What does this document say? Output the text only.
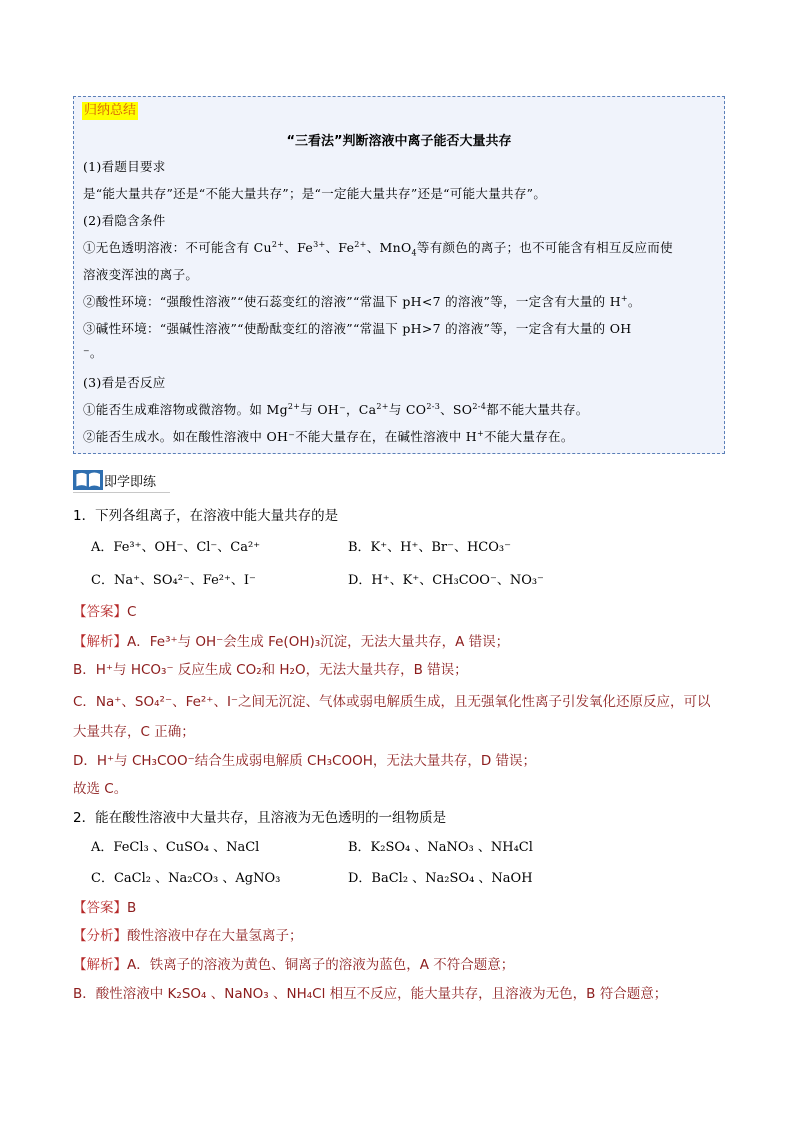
归纳总结
“三看法”判断溶液中离子能否大量共存
(1)看题目要求
是“能大量共存”还是“不能大量共存”；是“一定能大量共存”还是“可能大量共存”。
(2)看隐含条件
①无色透明溶液：不可能含有 $Cu^{2+}$、$Fe^{3+}$、$Fe^{2+}$、MnO$_4$等有颜色的离子；也不可能含有相互反应而使
溶液变浑浊的离子。
②酸性环境：“强酸性溶液”“使石蕊变红的溶液”“常温下 pH<7 的溶液”等，一定含有大量的 H+。
③碱性环境：“强碱性溶液”“使酚酞变红的溶液”“常温下 pH>7 的溶液”等，一定含有大量的 OH
⁻。
(3)看是否反应
①能否生成难溶物或微溶物。如 $Mg^{2+}$与 OH⁻，$Ca^{2+}$与 CO$^{2-3}$、SO$^{2-4}$都不能大量共存。
②能否生成水。如在酸性溶液中 OH⁻不能大量存在，在碱性溶液中 H+不能大量存在。
即学即练
1．下列各组离子，在溶液中能大量共存的是
A．Fe³⁺、OH⁻、Cl⁻、Ca²⁺	B．K⁺、H⁺、Br⁻、HCO₃⁻
C．Na⁺、SO₄²⁻、Fe²⁺、I⁻	D．H⁺、K⁺、CH₃COO⁻、NO₃⁻
【答案】C
【解析】A．Fe³⁺与 OH⁻会生成 Fe(OH)₃沉淀，无法大量共存，A 错误；
B．H⁺与 HCO₃⁻ 反应生成 CO₂和 H₂O，无法大量共存，B 错误；
C．Na⁺、SO₄²⁻、Fe²⁺、I⁻之间无沉淀、气体或弱电解质生成，且无强氧化性离子引发氧化还原反应，可以
大量共存，C 正确；
D．H⁺与 CH₃COO⁻结合生成弱电解质 CH₃COOH，无法大量共存，D 错误；
故选 C。
2．能在酸性溶液中大量共存，且溶液为无色透明的一组物质是
A．FeCl₃ 、CuSO₄ 、NaCl	B．K₂SO₄ 、NaNO₃ 、NH₄Cl
C．CaCl₂ 、Na₂CO₃ 、AgNO₃	D．BaCl₂ 、Na₂SO₄ 、NaOH
【答案】B
【分析】酸性溶液中存在大量氢离子；
【解析】A．铁离子的溶液为黄色、铜离子的溶液为蓝色，A 不符合题意；
B．酸性溶液中 K₂SO₄ 、NaNO₃ 、NH₄Cl 相互不反应，能大量共存，且溶液为无色，B 符合题意；
